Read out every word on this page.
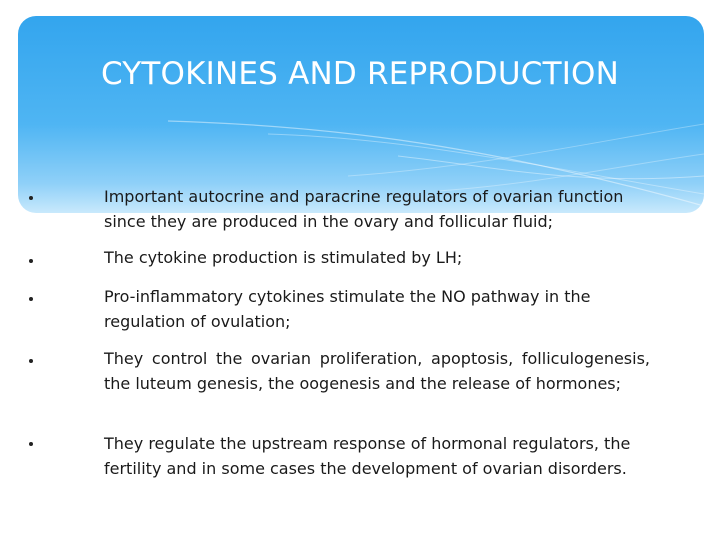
CYTOKINES AND REPRODUCTION

Important autocrine and paracrine regulators of ovarian function since they are produced in the ovary and follicular fluid;

The cytokine production is stimulated by LH;

Pro-inflammatory cytokines stimulate the NO pathway in the regulation of ovulation;

They control the ovarian proliferation, apoptosis, folliculogenesis, the luteum genesis, the oogenesis and the release of hormones;

They regulate the upstream response of hormonal regulators, the fertility and in some cases the development of ovarian disorders.
